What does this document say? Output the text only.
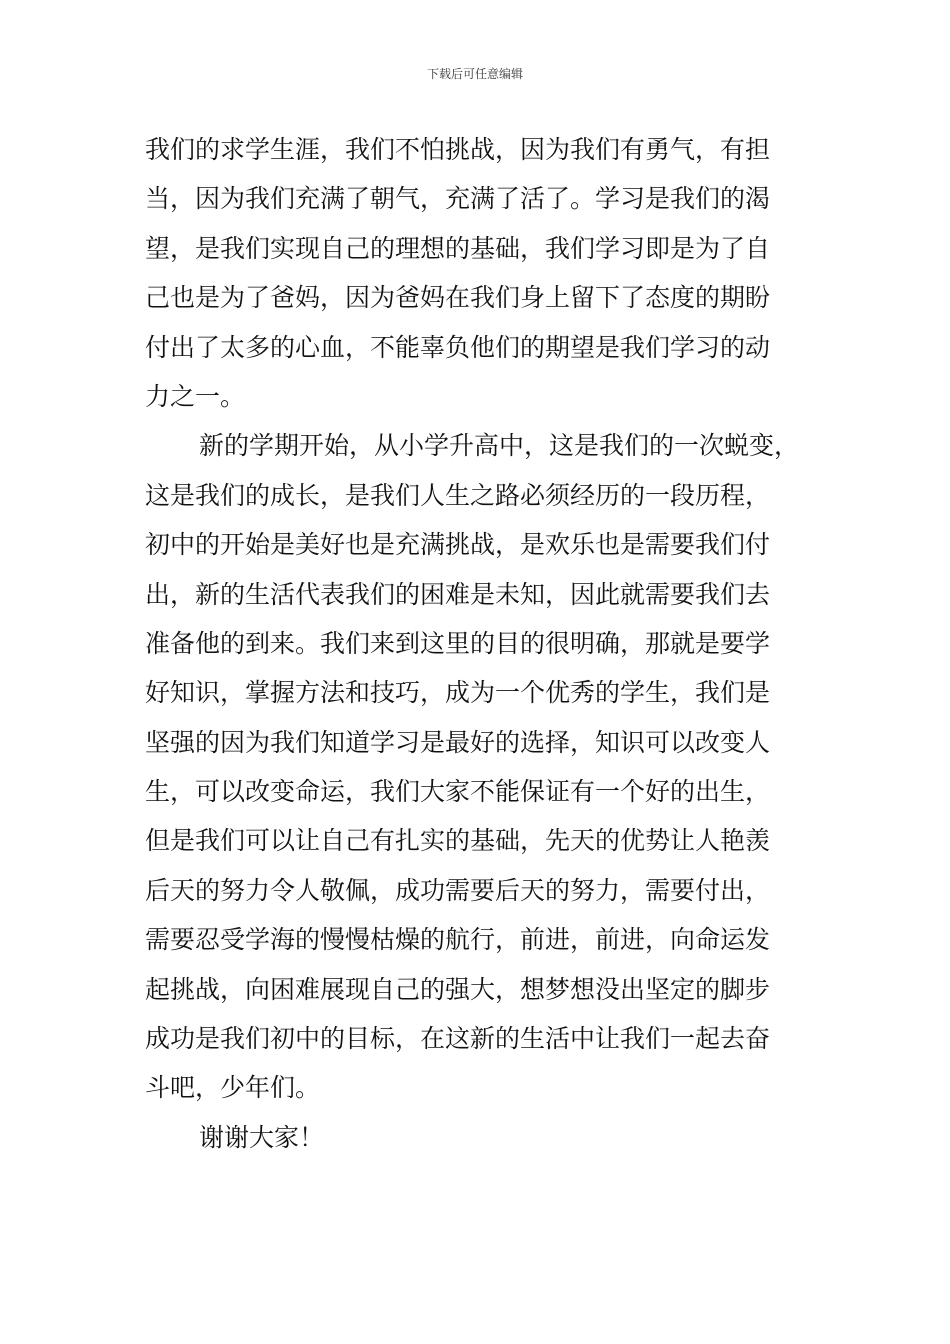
下载后可任意编辑
我们的求学生涯，我们不怕挑战，因为我们有勇气，有担
当，因为我们充满了朝气，充满了活了。学习是我们的渴
望，是我们实现自己的理想的基础，我们学习即是为了自
己也是为了爸妈，因为爸妈在我们身上留下了态度的期盼
付出了太多的心血，不能辜负他们的期望是我们学习的动
力之一。
新的学期开始，从小学升高中，这是我们的一次蜕变，
这是我们的成长，是我们人生之路必须经历的一段历程，
初中的开始是美好也是充满挑战，是欢乐也是需要我们付
出，新的生活代表我们的困难是未知，因此就需要我们去
准备他的到来。我们来到这里的目的很明确，那就是要学
好知识，掌握方法和技巧，成为一个优秀的学生，我们是
坚强的因为我们知道学习是最好的选择，知识可以改变人
生，可以改变命运，我们大家不能保证有一个好的出生，
但是我们可以让自己有扎实的基础，先天的优势让人艳羡
后天的努力令人敬佩，成功需要后天的努力，需要付出，
需要忍受学海的慢慢枯燥的航行，前进，前进，向命运发
起挑战，向困难展现自己的强大，想梦想没出坚定的脚步
成功是我们初中的目标，在这新的生活中让我们一起去奋
斗吧，少年们。
谢谢大家！
